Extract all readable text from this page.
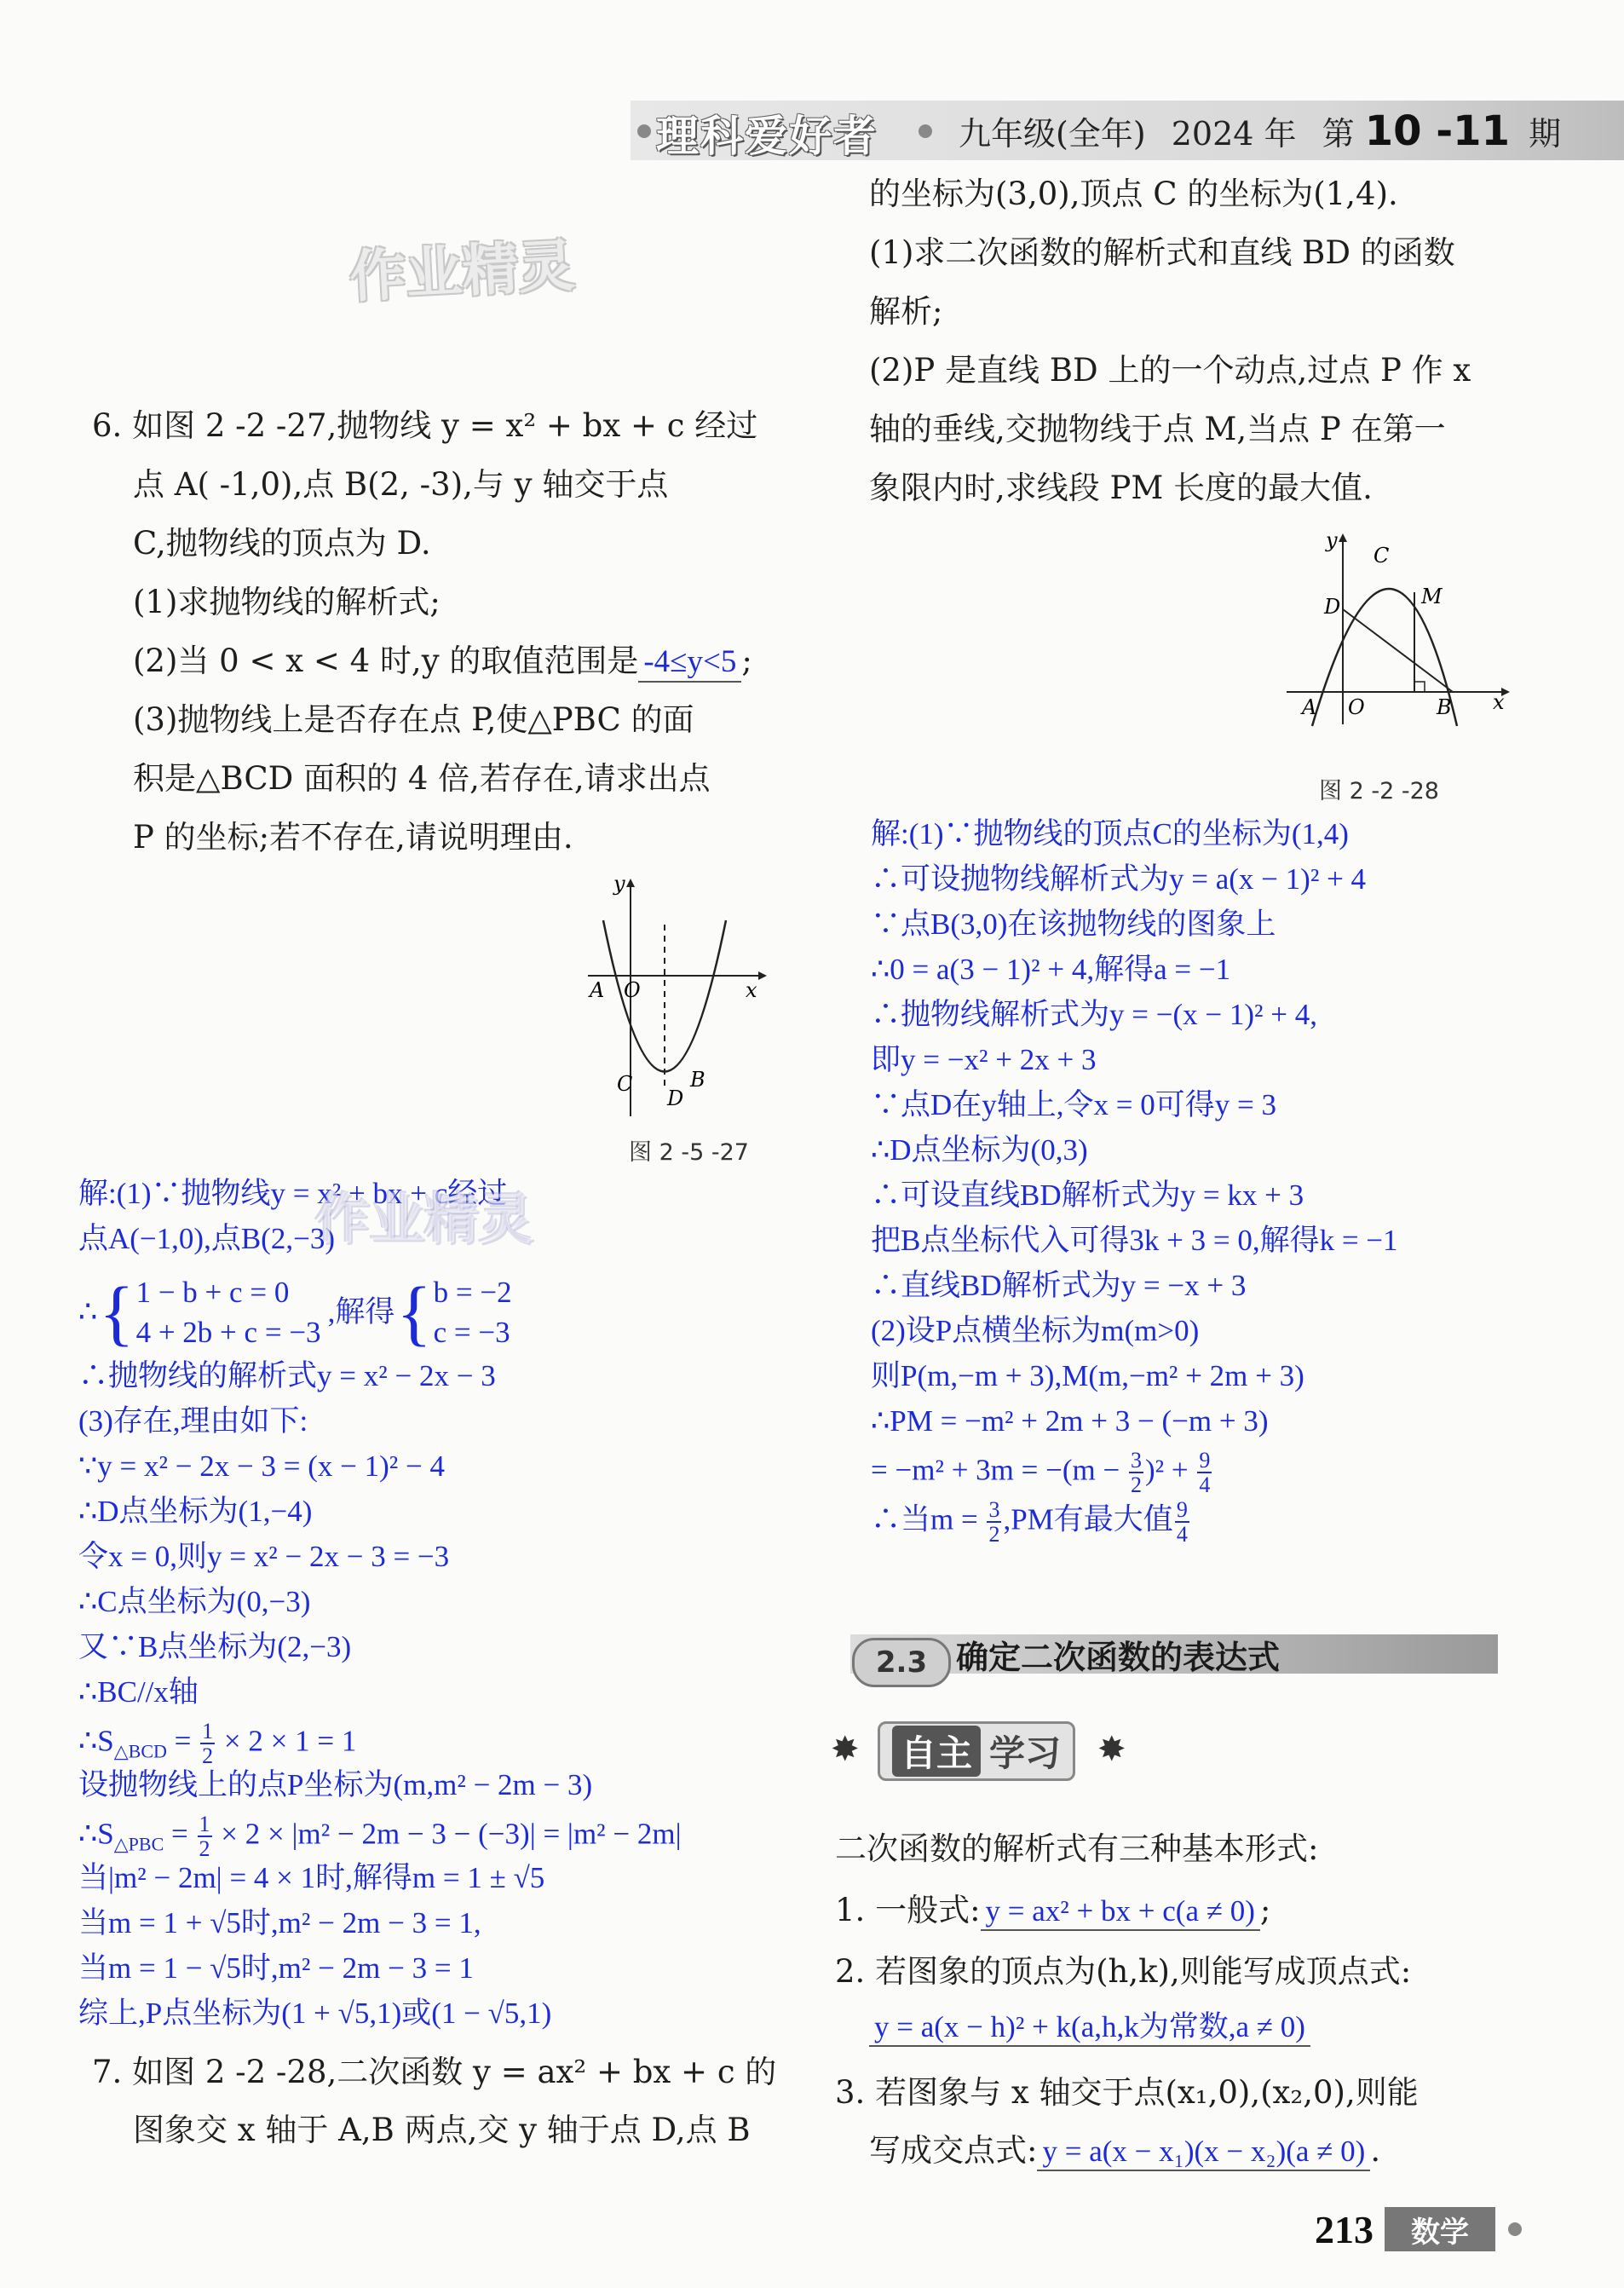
理科爱好者	九年级(全年) 2024 年 第 10 -11 期
作业精灵
6. 如图 2 -2 -27,抛物线 y = x² + bx + c 经过
点 A( -1,0),点 B(2, -3),与 y 轴交于点
C,抛物线的顶点为 D.
(1)求抛物线的解析式;
(2)当 0 < x < 4 时,y 的取值范围是 -4≤y<5 ;
(3)抛物线上是否存在点 P,使△PBC 的面
积是△BCD 面积的 4 倍,若存在,请求出点
P 的坐标;若不存在,请说明理由.
y
x
A O
C	B
D
图 2 -5 -27
解:(1)∵抛物线y = x² + bx + c经过
点A(−1,0),点B(2,−3)
∴ { 1 − b + c = 0
4 + 2b + c = −3
,解得 { b = −2
c = −3
∴抛物线的解析式y = x² − 2x − 3
(3)存在,理由如下:
∵y = x² − 2x − 3 = (x − 1)² − 4
∴D点坐标为(1,−4)
令x = 0,则y = x² − 2x − 3 = −3
∴C点坐标为(0,−3)
又∵B点坐标为(2,−3)
∴BC//x轴
$\therefore S_{\triangle BCD} = \frac{1}{2} \times 2 \times 1 = 1$
设抛物线上的点P坐标为(m,m² − 2m − 3)
$\therefore S_{\triangle PBC} = \frac{1}{2} \times 2 \times |m^2 - 2m - 3 - (-3)| = |m^2 - 2m|$
当|m² − 2m| = 4 × 1时,解得m = 1 ± √5
当m = 1 + √5时,m² − 2m − 3 = 1,
当m = 1 − √5时,m² − 2m − 3 = 1
综上,P点坐标为(1 + √5,1)或(1 − √5,1)
作业精灵
7. 如图 2 -2 -28,二次函数 y = ax² + bx + c 的
图象交 x 轴于 A,B 两点,交 y 轴于点 D,点 B
的坐标为(3,0),顶点 C 的坐标为(1,4).
(1)求二次函数的解析式和直线 BD 的函数
解析;
(2)P 是直线 BD 上的一个动点,过点 P 作 x
轴的垂线,交抛物线于点 M,当点 P 在第一
象限内时,求线段 PM 长度的最大值.
y
x
C
D	M
A O	B
图 2 -2 -28
解:(1)∵抛物线的顶点C的坐标为(1,4)
∴可设抛物线解析式为y = a(x − 1)² + 4
∵点B(3,0)在该抛物线的图象上
∴0 = a(3 − 1)² + 4,解得a = −1
∴抛物线解析式为y = −(x − 1)² + 4,
即y = −x² + 2x + 3
∵点D在y轴上,令x = 0可得y = 3
∴D点坐标为(0,3)
∴可设直线BD解析式为y = kx + 3
把B点坐标代入可得3k + 3 = 0,解得k = −1
∴直线BD解析式为y = −x + 3
(2)设P点横坐标为m(m>0)
则P(m,−m + 3),M(m,−m² + 2m + 3)
∴PM = −m² + 2m + 3 − (−m + 3)
= $-m^2 + 3m = -(m - \frac{3}{2} )^2 + \frac{9}{4}$
∴当$m = \frac{3}{2} ,PM$有最大值 $\frac{9}{4}$
2.3 确定二次函数的表达式
✸ 自主 学习 ✸
二次函数的解析式有三种基本形式:
1. 一般式: y = ax² + bx + c(a ≠ 0) ;
2. 若图象的顶点为(h,k),则能写成顶点式:
y = a(x − h)² + k(a,h,k为常数,a ≠ 0)
3. 若图象与 x 轴交于点(x₁,0),(x₂,0),则能
写成交点式: y = a(x − x₁)(x − x₂)(a ≠ 0) .
213	数学
